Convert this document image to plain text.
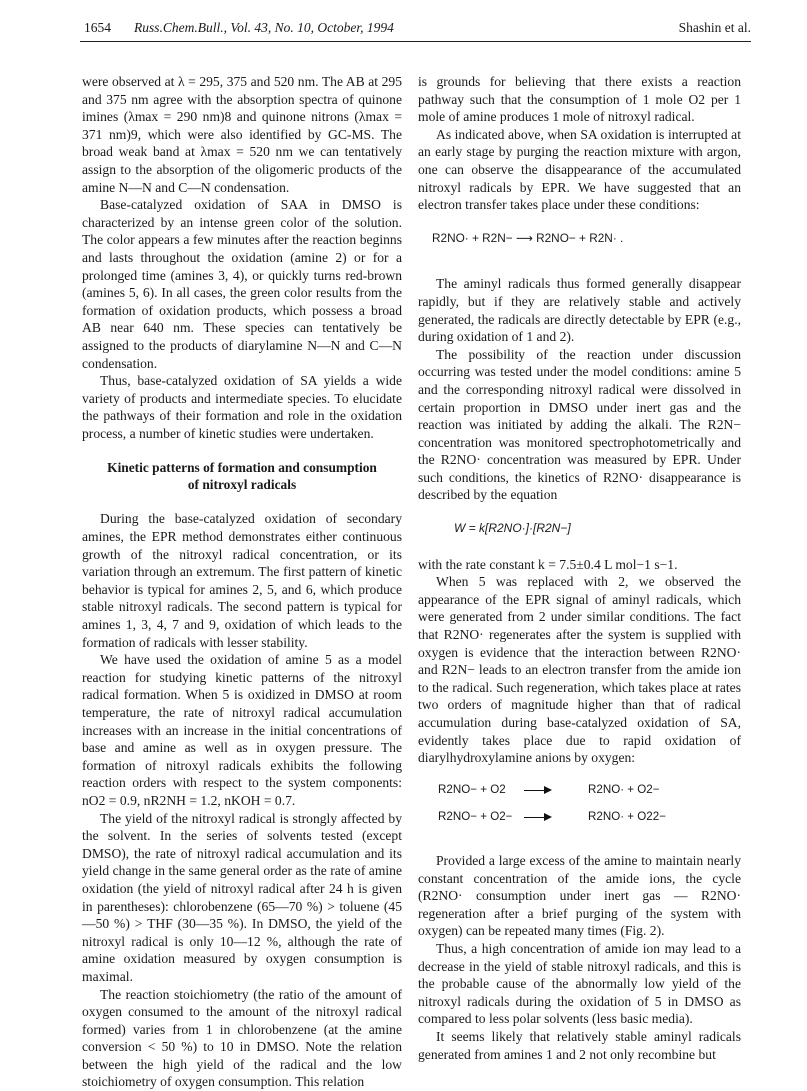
1654 Russ.Chem.Bull., Vol. 43, No. 10, October, 1994	Shashin et al.

were observed at λ = 295, 375 and 520 nm. The AB at 295 and 375 nm agree with the absorption spectra of quinone imines (λmax = 290 nm)8 and quinone nitrons (λmax = 371 nm)9, which were also identified by GC-MS. The broad weak band at λmax = 520 nm we can tentatively assign to the absorption of the oligomeric products of the amine N—N and C—N condensation.

Base-catalyzed oxidation of SAA in DMSO is characterized by an intense green color of the solution. The color appears a few minutes after the reaction beginns and lasts throughout the oxidation (amine 2) or for a prolonged time (amines 3, 4), or quickly turns red-brown (amines 5, 6). In all cases, the green color results from the formation of oxidation products, which possess a broad AB near 640 nm. These species can tentatively be assigned to the products of diarylamine N—N and C—N condensation.

Thus, base-catalyzed oxidation of SA yields a wide variety of products and intermediate species. To elucidate the pathways of their formation and role in the oxidation process, a number of kinetic studies were undertaken.

Kinetic patterns of formation and consumption
of nitroxyl radicals

During the base-catalyzed oxidation of secondary amines, the EPR method demonstrates either continuous growth of the nitroxyl radical concentration, or its variation through an extremum. The first pattern of kinetic behavior is typical for amines 2, 5, and 6, which produce stable nitroxyl radicals. The second pattern is typical for amines 1, 3, 4, 7 and 9, oxidation of which leads to the formation of radicals with lesser stability.

We have used the oxidation of amine 5 as a model reaction for studying kinetic patterns of the nitroxyl radical formation. When 5 is oxidized in DMSO at room temperature, the rate of nitroxyl radical accumulation increases with an increase in the initial concentrations of base and amine as well as in oxygen pressure. The formation of nitroxyl radicals exhibits the following reaction orders with respect to the system components: nO2 = 0.9, nR2NH = 1.2, nKOH = 0.7.

The yield of the nitroxyl radical is strongly affected by the solvent. In the series of solvents tested (except DMSO), the rate of nitroxyl radical accumulation and its yield change in the same general order as the rate of amine oxidation (the yield of nitroxyl radical after 24 h is given in parentheses): chlorobenzene (65—70 %) > toluene (45—50 %) > THF (30—35 %). In DMSO, the yield of the nitroxyl radical is only 10—12 %, although the rate of amine oxidation measured by oxygen consumption is maximal.

The reaction stoichiometry (the ratio of the amount of oxygen consumed to the amount of the nitroxyl radical formed) varies from 1 in chlorobenzene (at the amine conversion < 50 %) to 10 in DMSO. Note the relation between the high yield of the radical and the low stoichiometry of oxygen consumption. This relation

is grounds for believing that there exists a reaction pathway such that the consumption of 1 mole O2 per 1 mole of amine produces 1 mole of nitroxyl radical.

As indicated above, when SA oxidation is interrupted at an early stage by purging the reaction mixture with argon, one can observe the disappearance of the accumulated nitroxyl radicals by EPR. We have suggested that an electron transfer takes place under these conditions:

R2NO· + R2N− ⟶ R2NO− + R2N· .

The aminyl radicals thus formed generally disappear rapidly, but if they are relatively stable and actively generated, the radicals are directly detectable by EPR (e.g., during oxidation of 1 and 2).

The possibility of the reaction under discussion occurring was tested under the model conditions: amine 5 and the corresponding nitroxyl radical were dissolved in certain proportion in DMSO under inert gas and the reaction was initiated by adding the alkali. The R2N− concentration was monitored spectrophotometrically and the R2NO· concentration was measured by EPR. Under such conditions, the kinetics of R2NO· disappearance is described by the equation

W = k[R2NO·]·[R2N−]

with the rate constant k = 7.5±0.4 L mol−1 s−1.

When 5 was replaced with 2, we observed the appearance of the EPR signal of aminyl radicals, which were generated from 2 under similar conditions. The fact that R2NO· regenerates after the system is supplied with oxygen is evidence that the interaction between R2NO· and R2N− leads to an electron transfer from the amide ion to the radical. Such regeneration, which takes place at rates two orders of magnitude higher than that of radical accumulation during base-catalyzed oxidation of SA, evidently takes place due to rapid oxidation of diarylhydroxylamine anions by oxygen:

R2NO− + O2	R2NO· + O2−
R2NO− + O2−	R2NO· + O22−

Provided a large excess of the amine to maintain nearly constant concentration of the amide ions, the cycle (R2NO· consumption under inert gas — R2NO· regeneration after a brief purging of the system with oxygen) can be repeated many times (Fig. 2).

Thus, a high concentration of amide ion may lead to a decrease in the yield of stable nitroxyl radicals, and this is the probable cause of the abnormally low yield of the nitroxyl radicals during the oxidation of 5 in DMSO as compared to less polar solvents (less basic media).

It seems likely that relatively stable aminyl radicals generated from amines 1 and 2 not only recombine but
